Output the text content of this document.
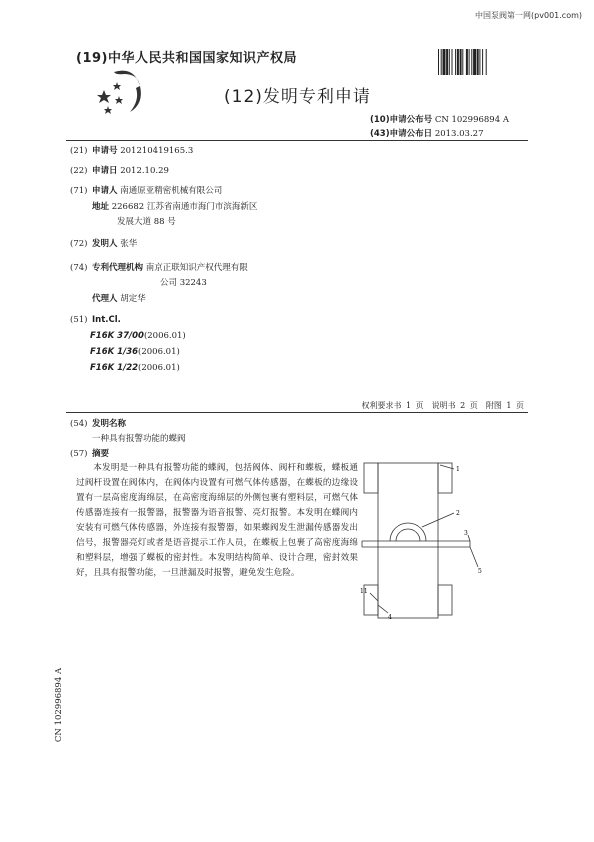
中国泵阀第一网(pv001.com)
(19)中华人民共和国国家知识产权局
(12)发明专利申请
(10)申请公布号 CN 102996894 A
(43)申请公布日 2013.03.27
(21) 申请号 201210419165.3
(22) 申请日 2012.10.29
(71) 申请人 南通原亚精密机械有限公司
地址 226682 江苏省南通市海门市滨海新区
发展大道 88 号
(72) 发明人 张华
(74) 专利代理机构 南京正联知识产权代理有限
公司 32243
代理人 胡定华
(51) Int.Cl.
F16K 37/00(2006.01)
F16K 1/36(2006.01)
F16K 1/22(2006.01)
权利要求书 1 页　说明书 2 页　附图 1 页
(54) 发明名称
一种具有报警功能的蝶阀
(57) 摘要

本发明是一种具有报警功能的蝶阀，包括阀体、阀杆和蝶板，蝶板通过阀杆设置在阀体内，在阀体内设置有可燃气体传感器，在蝶板的边缘设置有一层高密度海绵层，在高密度海绵层的外侧包裹有塑料层，可燃气体传感器连接有一报警器，报警器为语音报警、亮灯报警。本发明在蝶阀内安装有可燃气体传感器，外连接有报警器，如果蝶阀发生泄漏传感器发出信号，报警器亮灯或者是语音提示工作人员，在蝶板上包裹了高密度海绵和塑料层，增强了蝶板的密封性。本发明结构简单、设计合理，密封效果好，且具有报警功能，一旦泄漏及时报警，避免发生危险。

1
2
3
4
5
11
CN 102996894 A
